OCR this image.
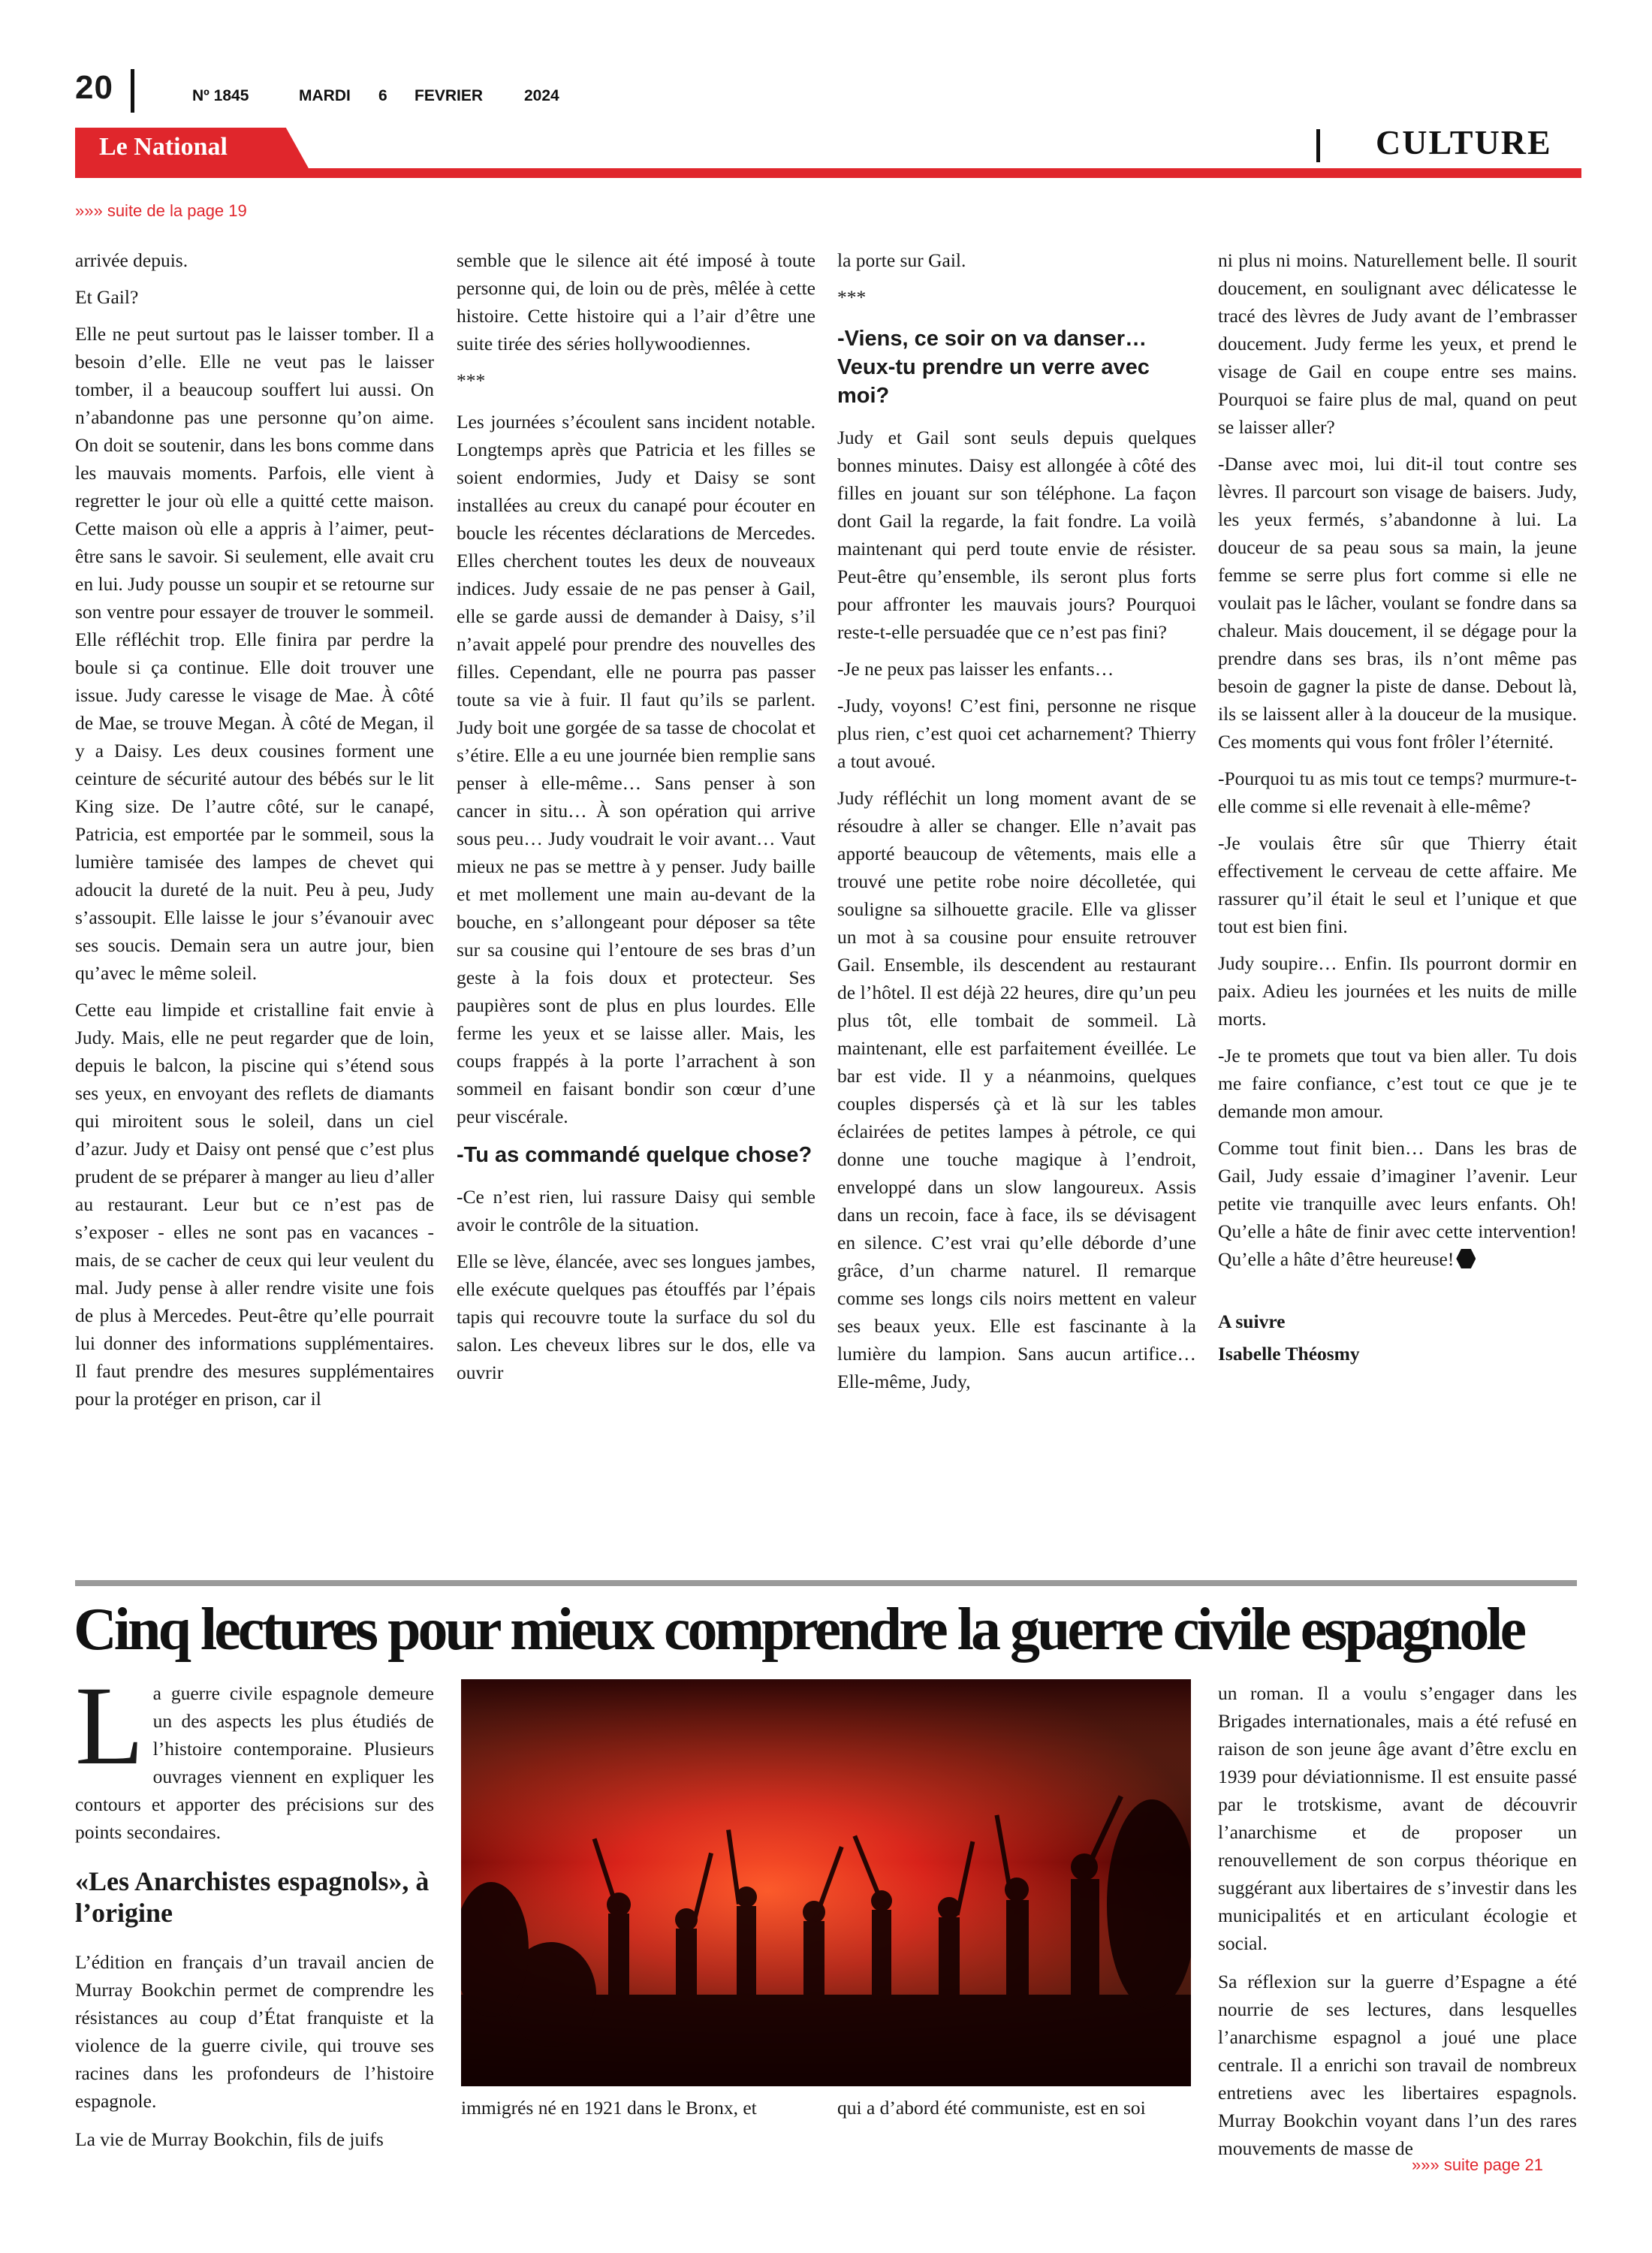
20	Nº 1845	MARDI 6 FEVRIER	2024
Le National	CULTURE
»»» suite de la page 19

arrivée depuis.

Et Gail?

Elle ne peut surtout pas le laisser tomber. Il a besoin d’elle. Elle ne veut pas le laisser tomber, il a beaucoup souffert lui aussi. On n’abandonne pas une personne qu’on aime. On doit se soutenir, dans les bons comme dans les mauvais moments. Parfois, elle vient à regretter le jour où elle a quitté cette maison. Cette maison où elle a appris à l’aimer, peut-être sans le savoir. Si seulement, elle avait cru en lui. Judy pousse un soupir et se retourne sur son ventre pour essayer de trouver le sommeil. Elle réfléchit trop. Elle finira par perdre la boule si ça continue. Elle doit trouver une issue. Judy caresse le visage de Mae. À côté de Mae, se trouve Megan. À côté de Megan, il y a Daisy. Les deux cousines forment une ceinture de sécurité autour des bébés sur le lit King size. De l’autre côté, sur le canapé, Patricia, est emportée par le sommeil, sous la lumière tamisée des lampes de chevet qui adoucit la dureté de la nuit. Peu à peu, Judy s’assoupit. Elle laisse le jour s’évanouir avec ses soucis. Demain sera un autre jour, bien qu’avec le même soleil.

Cette eau limpide et cristalline fait envie à Judy. Mais, elle ne peut regarder que de loin, depuis le balcon, la piscine qui s’étend sous ses yeux, en envoyant des reflets de diamants qui miroitent sous le soleil, dans un ciel d’azur. Judy et Daisy ont pensé que c’est plus prudent de se préparer à manger au lieu d’aller au restaurant. Leur but ce n’est pas de s’exposer - elles ne sont pas en vacances - mais, de se cacher de ceux qui leur veulent du mal. Judy pense à aller rendre visite une fois de plus à Mercedes. Peut-être qu’elle pourrait lui donner des informations supplémentaires. Il faut prendre des mesures supplémentaires pour la protéger en prison, car il

semble que le silence ait été imposé à toute personne qui, de loin ou de près, mêlée à cette histoire. Cette histoire qui a l’air d’être une suite tirée des séries hollywoodiennes.

***

Les journées s’écoulent sans incident notable. Longtemps après que Patricia et les filles se soient endormies, Judy et Daisy se sont installées au creux du canapé pour écouter en boucle les récentes déclarations de Mercedes. Elles cherchent toutes les deux de nouveaux indices. Judy essaie de ne pas penser à Gail, elle se garde aussi de demander à Daisy, s’il n’avait appelé pour prendre des nouvelles des filles. Cependant, elle ne pourra pas passer toute sa vie à fuir. Il faut qu’ils se parlent. Judy boit une gorgée de sa tasse de chocolat et s’étire. Elle a eu une journée bien remplie sans penser à elle-même… Sans penser à son cancer in situ… À son opération qui arrive sous peu… Judy voudrait le voir avant… Vaut mieux ne pas se mettre à y penser. Judy baille et met mollement une main au-devant de la bouche, en s’allongeant pour déposer sa tête sur sa cousine qui l’entoure de ses bras d’un geste à la fois doux et protecteur. Ses paupières sont de plus en plus lourdes. Elle ferme les yeux et se laisse aller. Mais, les coups frappés à la porte l’arrachent à son sommeil en faisant bondir son cœur d’une peur viscérale.

-Tu as commandé quelque chose?

-Ce n’est rien, lui rassure Daisy qui semble avoir le contrôle de la situation.

Elle se lève, élancée, avec ses longues jambes, elle exécute quelques pas étouffés par l’épais tapis qui recouvre toute la surface du sol du salon. Les cheveux libres sur le dos, elle va ouvrir

la porte sur Gail.

***

-Viens, ce soir on va danser… Veux-tu prendre un verre avec moi?

Judy et Gail sont seuls depuis quelques bonnes minutes. Daisy est allongée à côté des filles en jouant sur son téléphone. La façon dont Gail la regarde, la fait fondre. La voilà maintenant qui perd toute envie de résister. Peut-être qu’ensemble, ils seront plus forts pour affronter les mauvais jours? Pourquoi reste-t-elle persuadée que ce n’est pas fini?

-Je ne peux pas laisser les enfants…

-Judy, voyons! C’est fini, personne ne risque plus rien, c’est quoi cet acharnement? Thierry a tout avoué.

Judy réfléchit un long moment avant de se résoudre à aller se changer. Elle n’avait pas apporté beaucoup de vêtements, mais elle a trouvé une petite robe noire décolletée, qui souligne sa silhouette gracile. Elle va glisser un mot à sa cousine pour ensuite retrouver Gail. Ensemble, ils descendent au restaurant de l’hôtel. Il est déjà 22 heures, dire qu’un peu plus tôt, elle tombait de sommeil. Là maintenant, elle est parfaitement éveillée. Le bar est vide. Il y a néanmoins, quelques couples dispersés çà et là sur les tables éclairées de petites lampes à pétrole, ce qui donne une touche magique à l’endroit, enveloppé dans un slow langoureux. Assis dans un recoin, face à face, ils se dévisagent en silence. C’est vrai qu’elle déborde d’une grâce, d’un charme naturel. Il remarque comme ses longs cils noirs mettent en valeur ses beaux yeux. Elle est fascinante à la lumière du lampion. Sans aucun artifice… Elle-même, Judy,

ni plus ni moins. Naturellement belle. Il sourit doucement, en soulignant avec délicatesse le tracé des lèvres de Judy avant de l’embrasser doucement. Judy ferme les yeux, et prend le visage de Gail en coupe entre ses mains. Pourquoi se faire plus de mal, quand on peut se laisser aller?

-Danse avec moi, lui dit-il tout contre ses lèvres. Il parcourt son visage de baisers. Judy, les yeux fermés, s’abandonne à lui. La douceur de sa peau sous sa main, la jeune femme se serre plus fort comme si elle ne voulait pas le lâcher, voulant se fondre dans sa chaleur. Mais doucement, il se dégage pour la prendre dans ses bras, ils n’ont même pas besoin de gagner la piste de danse. Debout là, ils se laissent aller à la douceur de la musique. Ces moments qui vous font frôler l’éternité.

-Pourquoi tu as mis tout ce temps? murmure-t-elle comme si elle revenait à elle-même?

-Je voulais être sûr que Thierry était effectivement le cerveau de cette affaire. Me rassurer qu’il était le seul et l’unique et que tout est bien fini.

Judy soupire… Enfin. Ils pourront dormir en paix. Adieu les journées et les nuits de mille morts.

-Je te promets que tout va bien aller. Tu dois me faire confiance, c’est tout ce que je te demande mon amour.

Comme tout finit bien… Dans les bras de Gail, Judy essaie d’imaginer l’avenir. Leur petite vie tranquille avec leurs enfants. Oh! Qu’elle a hâte de finir avec cette intervention! Qu’elle a hâte d’être heureuse!

A suivre

Isabelle Théosmy

Cinq lectures pour mieux comprendre la guerre civile espagnole

La guerre civile espagnole demeure un des aspects les plus étudiés de l’histoire contemporaine. Plusieurs ouvrages viennent en expliquer les contours et apporter des précisions sur des points secondaires.

«Les Anarchistes espagnols», à l’origine

L’édition en français d’un travail ancien de Murray Bookchin permet de comprendre les résistances au coup d’État franquiste et la violence de la guerre civile, qui trouve ses racines dans les profondeurs de l’histoire espagnole.

La vie de Murray Bookchin, fils de juifs

immigrés né en 1921 dans le Bronx, et	qui a d’abord été communiste, est en soi

un roman. Il a voulu s’engager dans les Brigades internationales, mais a été refusé en raison de son jeune âge avant d’être exclu en 1939 pour déviationnisme. Il est ensuite passé par le trotskisme, avant de découvrir l’anarchisme et de proposer un renouvellement de son corpus théorique en suggérant aux libertaires de s’investir dans les municipalités et en articulant écologie et social.

Sa réflexion sur la guerre d’Espagne a été nourrie de ses lectures, dans lesquelles l’anarchisme espagnol a joué une place centrale. Il a enrichi son travail de nombreux entretiens avec les libertaires espagnols. Murray Bookchin voyant dans l’un des rares mouvements de masse de

»»» suite page 21
